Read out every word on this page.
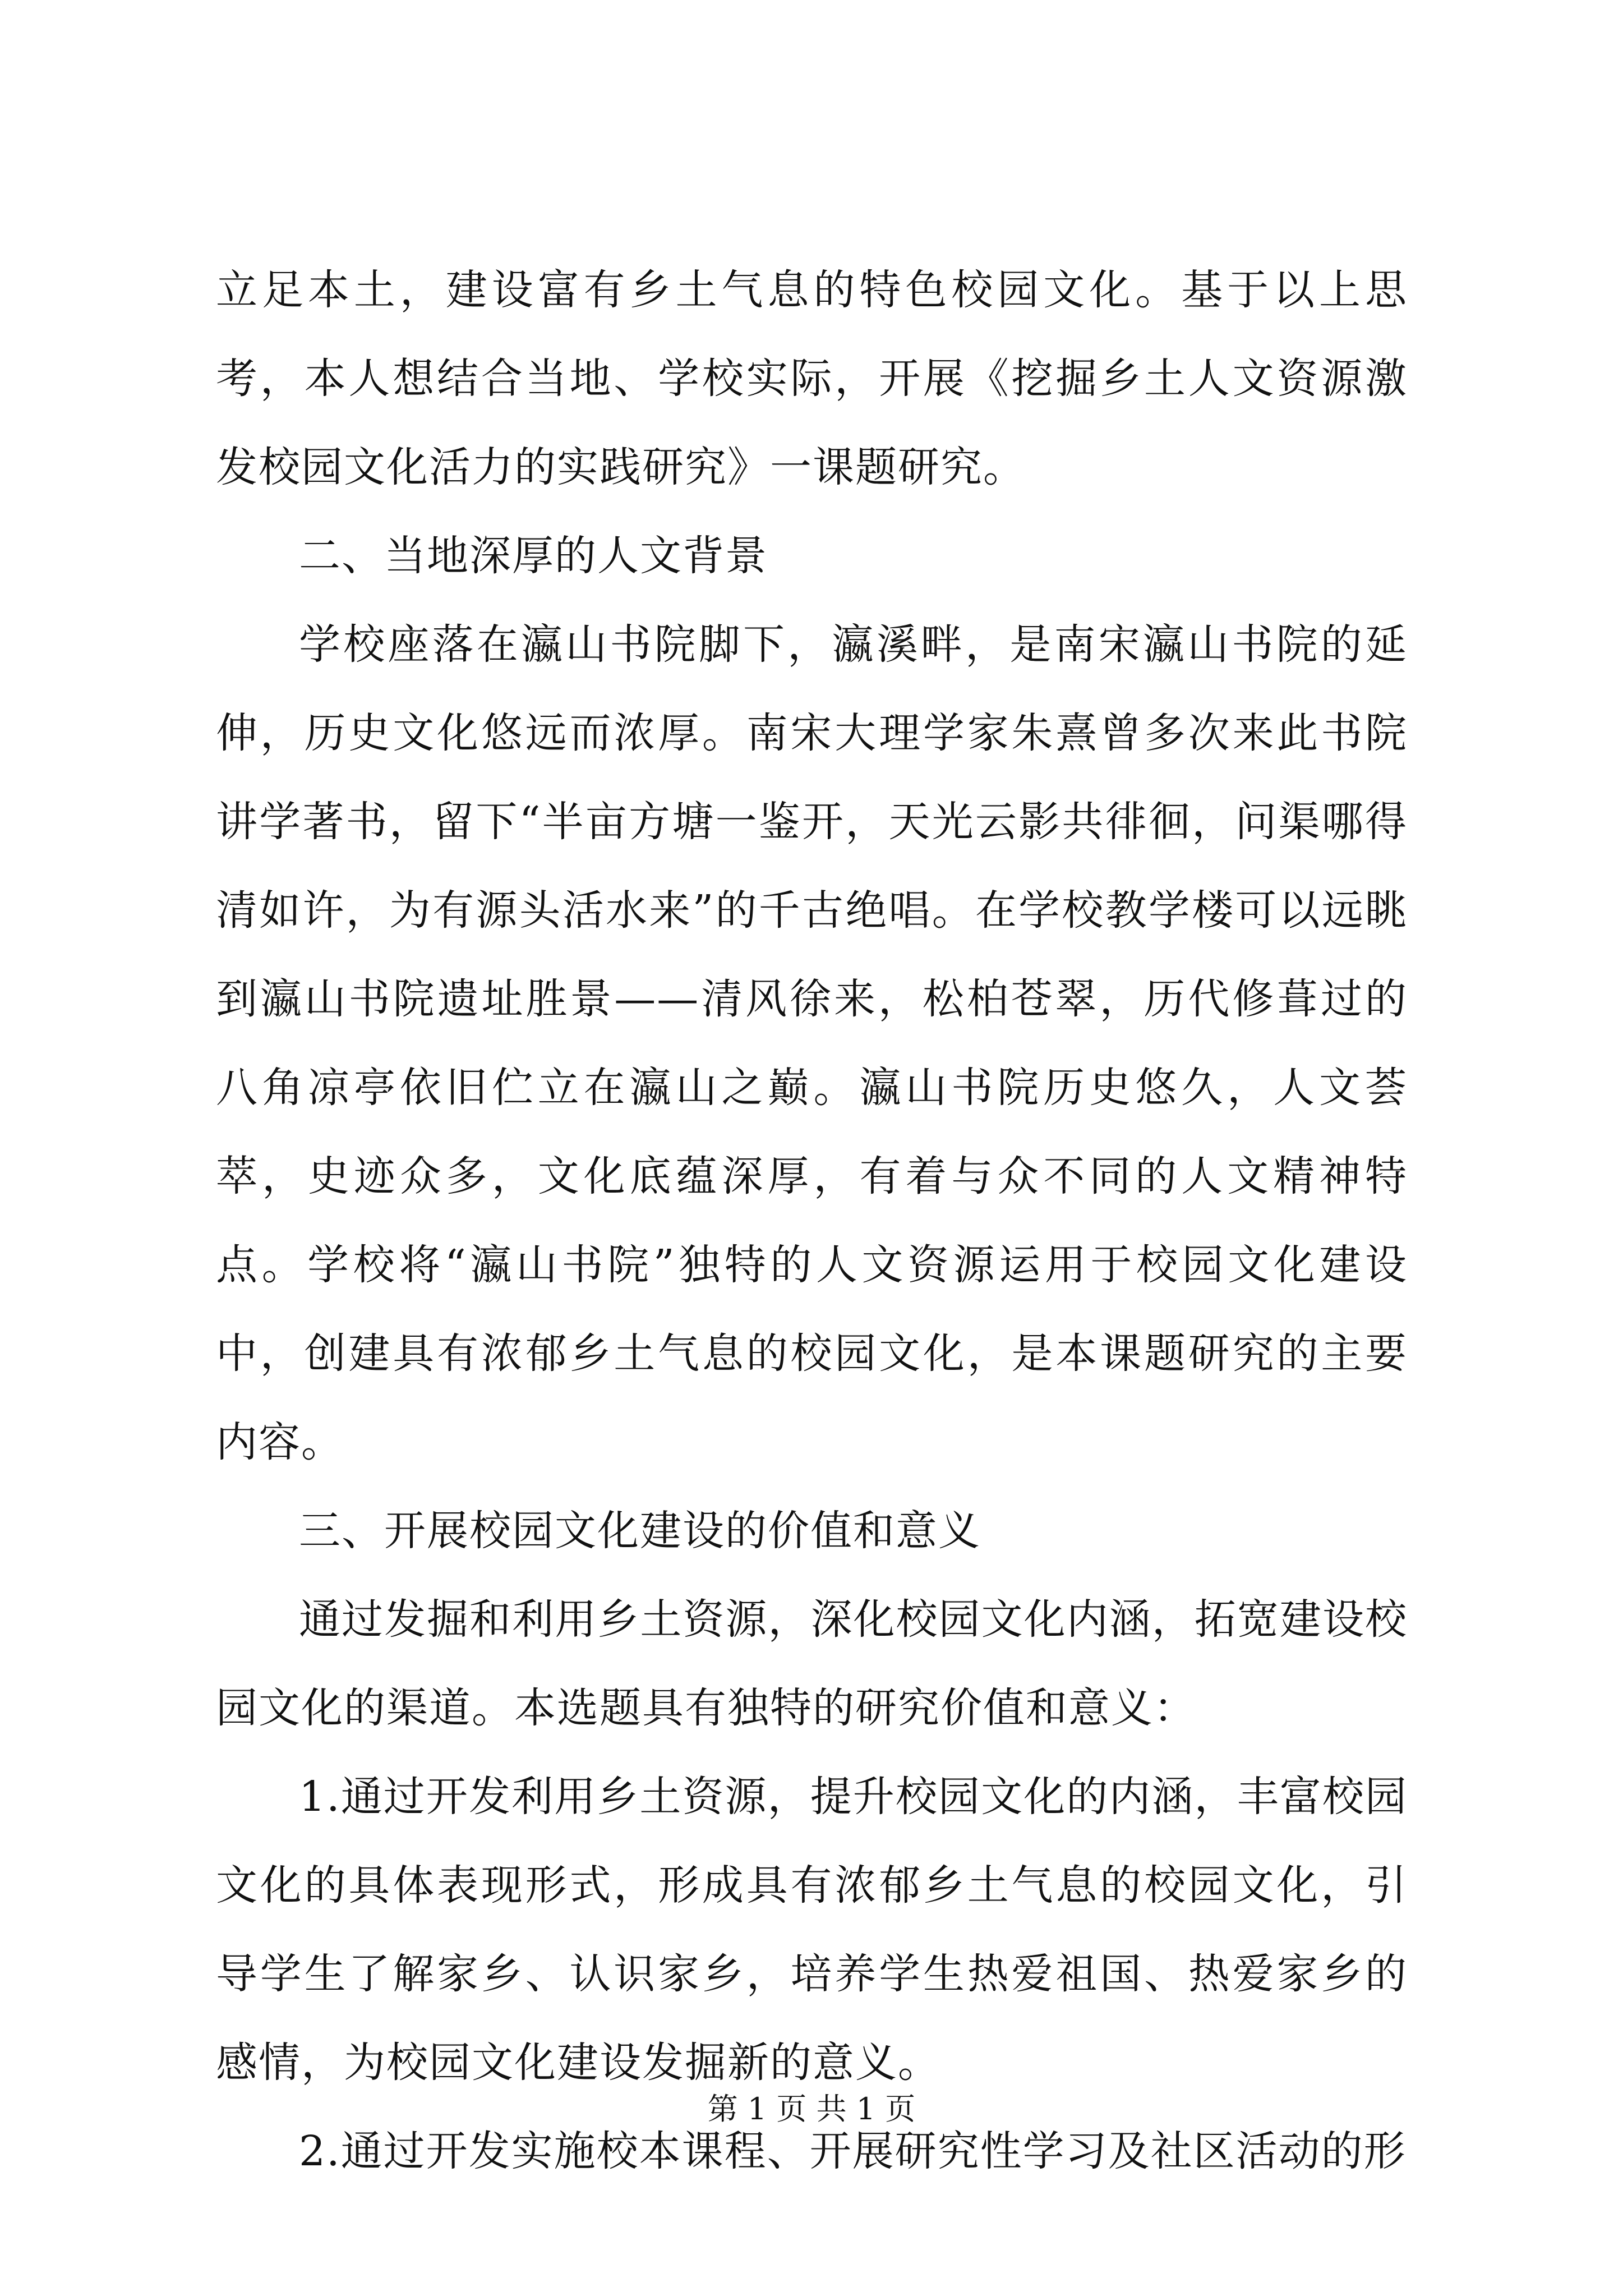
立足本土，建设富有乡土气息的特色校园文化。基于以上思考，本人想结合当地、学校实际，开展《挖掘乡土人文资源激发校园文化活力的实践研究》一课题研究。

二、当地深厚的人文背景

学校座落在瀛山书院脚下，瀛溪畔，是南宋瀛山书院的延伸，历史文化悠远而浓厚。南宋大理学家朱熹曾多次来此书院讲学著书，留下“半亩方塘一鉴开，天光云影共徘徊，问渠哪得清如许，为有源头活水来”的千古绝唱。在学校教学楼可以远眺到瀛山书院遗址胜景——清风徐来，松柏苍翠，历代修葺过的八角凉亭依旧伫立在瀛山之巅。瀛山书院历史悠久，人文荟萃，史迹众多，文化底蕴深厚，有着与众不同的人文精神特点。学校将“瀛山书院”独特的人文资源运用于校园文化建设中，创建具有浓郁乡土气息的校园文化，是本课题研究的主要内容。

三、开展校园文化建设的价值和意义

通过发掘和利用乡土资源，深化校园文化内涵，拓宽建设校园文化的渠道。本选题具有独特的研究价值和意义：

1.通过开发利用乡土资源，提升校园文化的内涵，丰富校园文化的具体表现形式，形成具有浓郁乡土气息的校园文化，引导学生了解家乡、认识家乡，培养学生热爱祖国、热爱家乡的感情，为校园文化建设发掘新的意义。

2.通过开发实施校本课程、开展研究性学习及社区活动的形

第 1 页 共 1 页
